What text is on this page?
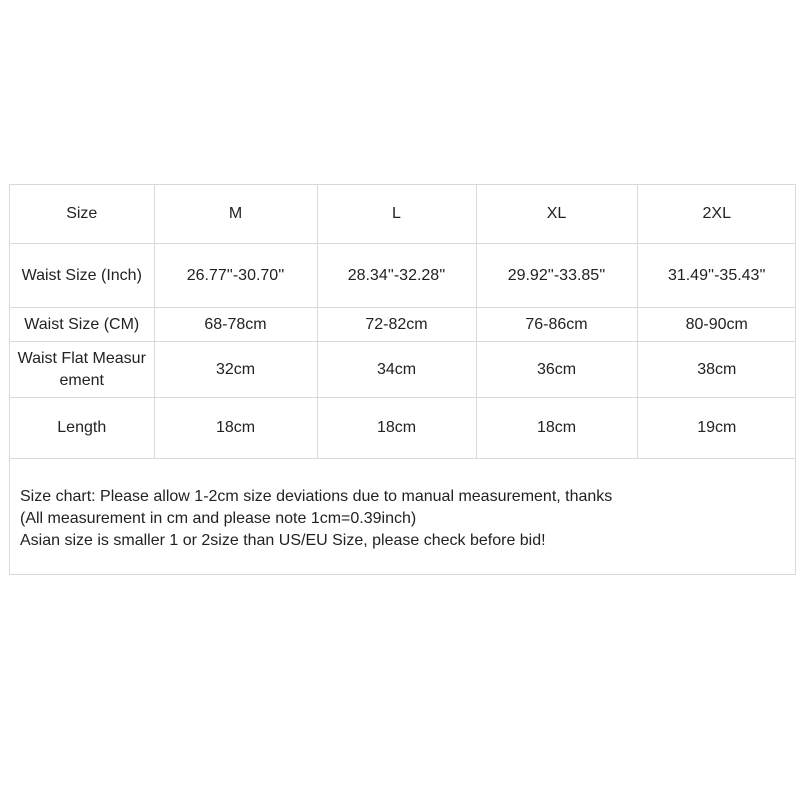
Size	M	L	XL	2XL
Waist Size (Inch)	26.77''-30.70''	28.34''-32.28''	29.92''-33.85''	31.49''-35.43''
Waist Size (CM)	68-78cm	72-82cm	76-86cm	80-90cm
Waist Flat Measurement	32cm	34cm	36cm	38cm
Length	18cm	18cm	18cm	19cm
Size chart: Please allow 1-2cm size deviations due to manual measurement, thanks
(All measurement in cm and please note 1cm=0.39inch)
Asian size is smaller 1 or 2size than US/EU Size, please check before bid!
